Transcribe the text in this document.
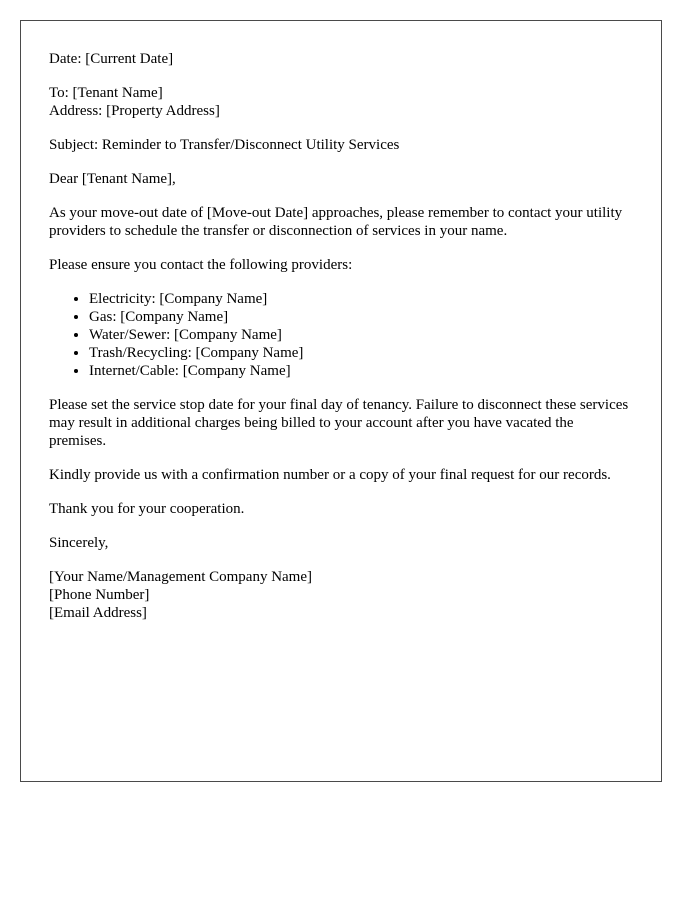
Date: [Current Date]

To: [Tenant Name]
Address: [Property Address]

Subject: Reminder to Transfer/Disconnect Utility Services

Dear [Tenant Name],

As your move-out date of [Move-out Date] approaches, please remember to contact your utility providers to schedule the transfer or disconnection of services in your name.

Please ensure you contact the following providers:

• Electricity: [Company Name]
• Gas: [Company Name]
• Water/Sewer: [Company Name]
• Trash/Recycling: [Company Name]
• Internet/Cable: [Company Name]

Please set the service stop date for your final day of tenancy. Failure to disconnect these services may result in additional charges being billed to your account after you have vacated the premises.

Kindly provide us with a confirmation number or a copy of your final request for our records.

Thank you for your cooperation.

Sincerely,

[Your Name/Management Company Name]
[Phone Number]
[Email Address]
